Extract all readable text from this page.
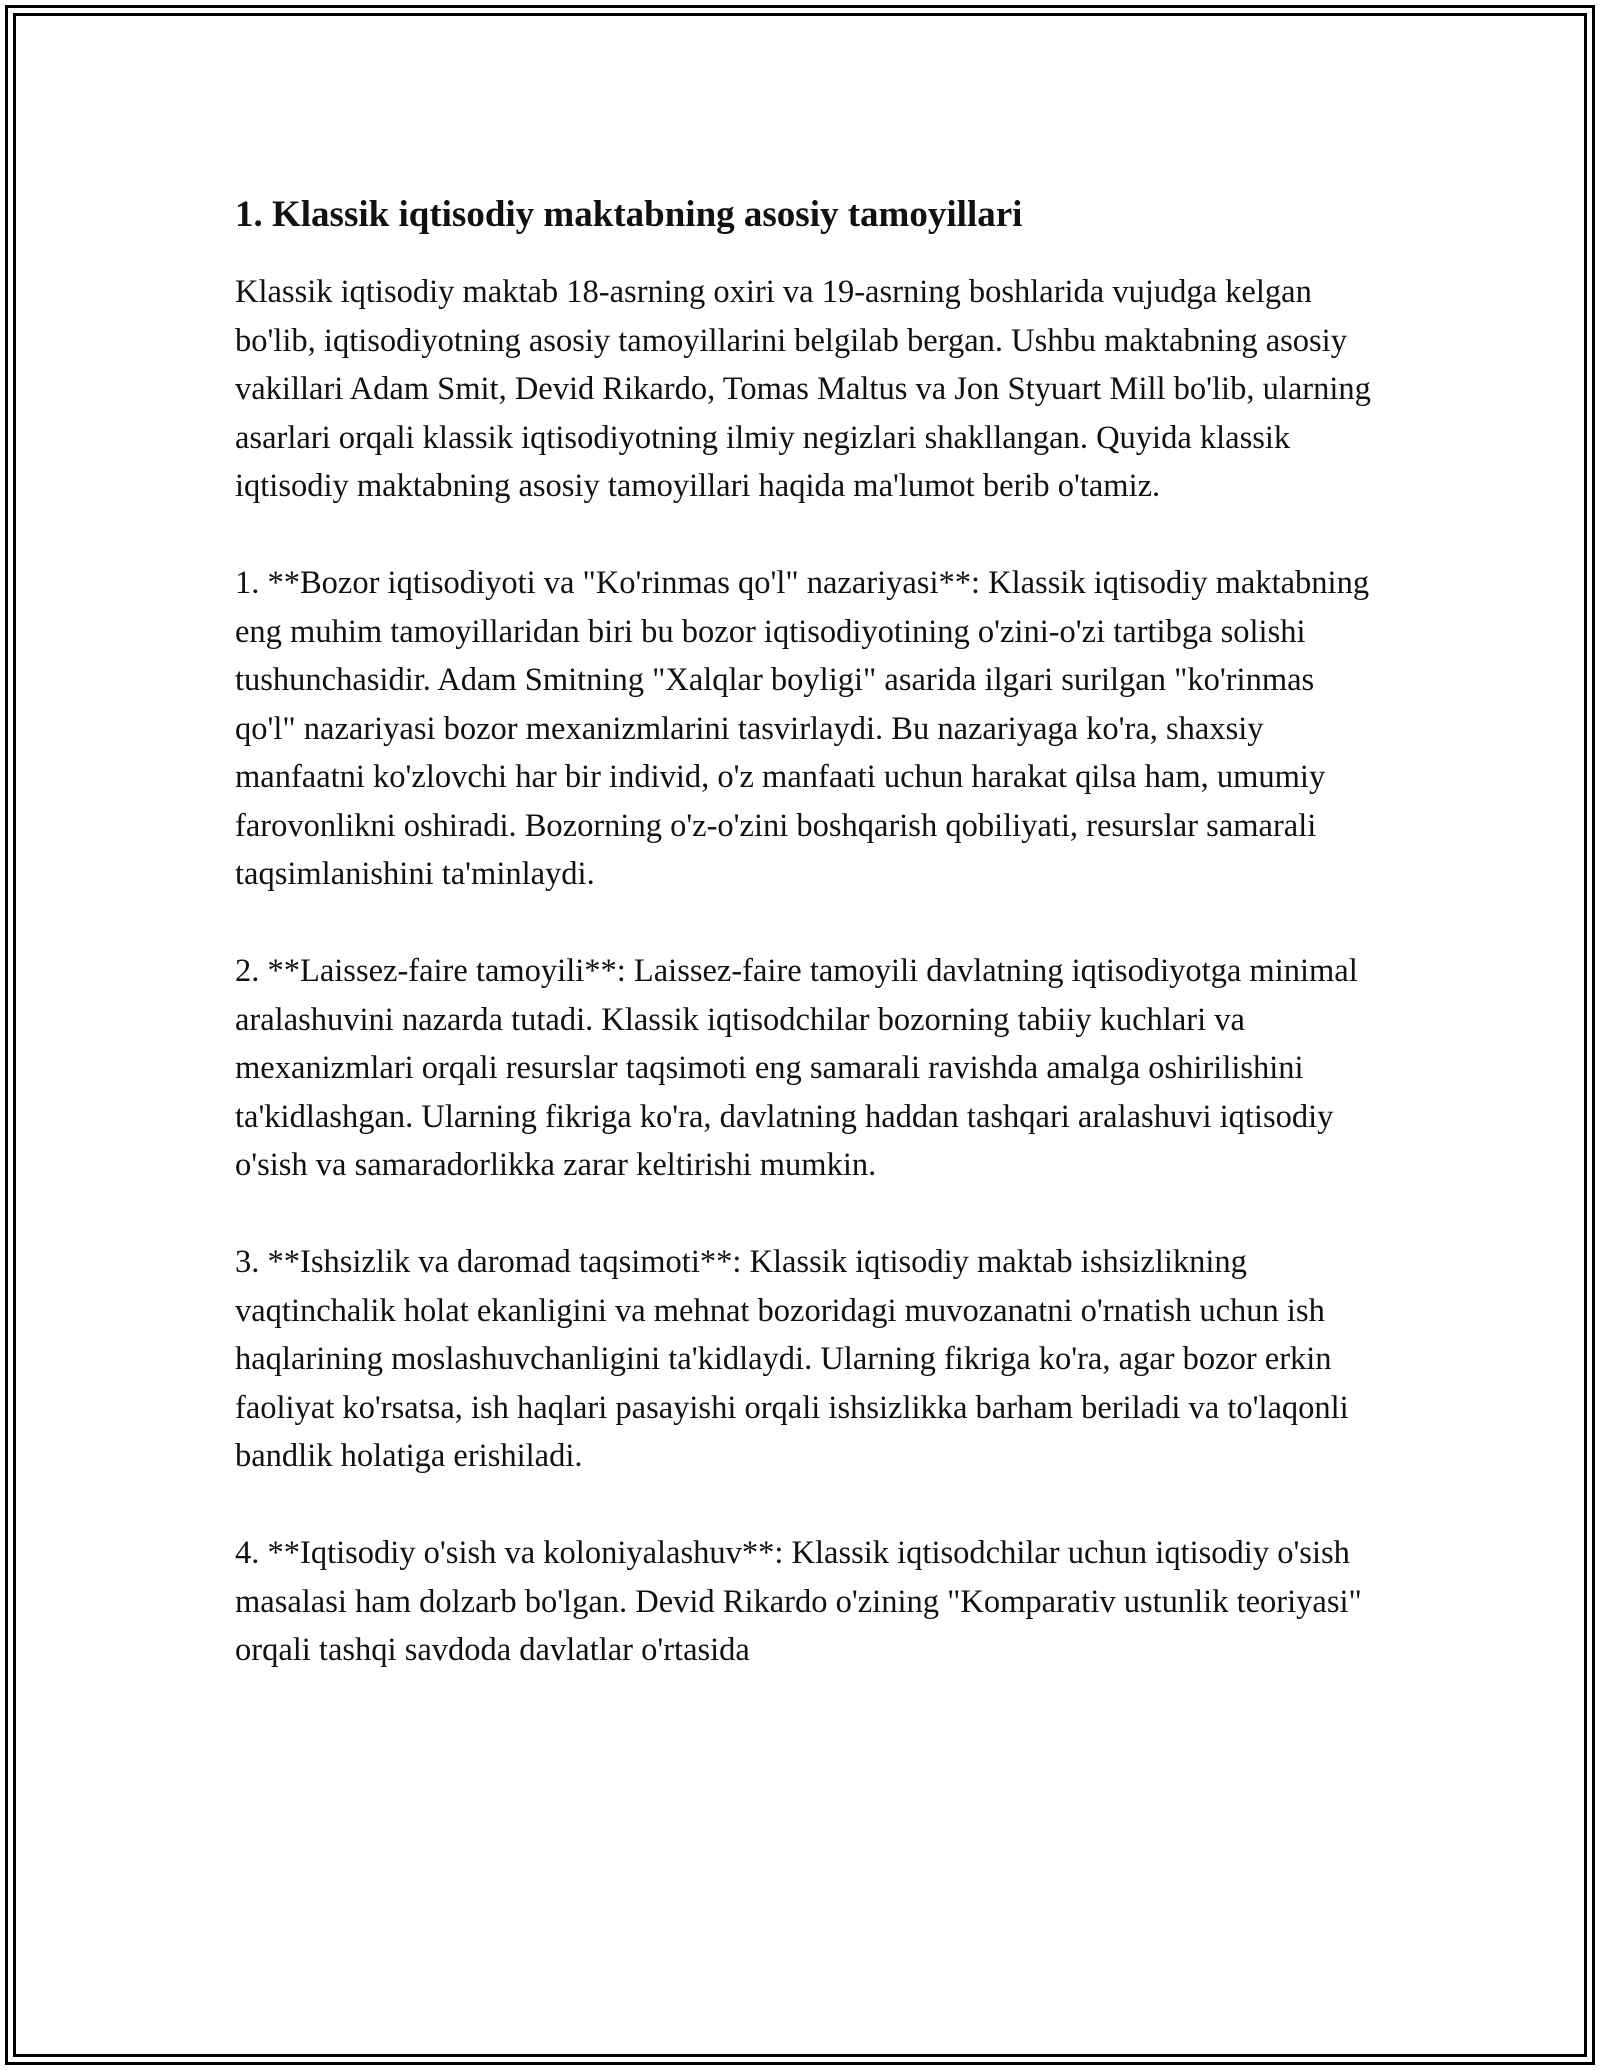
1. Klassik iqtisodiy maktabning asosiy tamoyillari

Klassik iqtisodiy maktab 18-asrning oxiri va 19-asrning boshlarida vujudga kelgan bo'lib, iqtisodiyotning asosiy tamoyillarini belgilab bergan. Ushbu maktabning asosiy vakillari Adam Smit, Devid Rikardo, Tomas Maltus va Jon Styuart Mill bo'lib, ularning asarlari orqali klassik iqtisodiyotning ilmiy negizlari shakllangan. Quyida klassik iqtisodiy maktabning asosiy tamoyillari haqida ma'lumot berib o'tamiz.

1. **Bozor iqtisodiyoti va "Ko'rinmas qo'l" nazariyasi**: Klassik iqtisodiy maktabning eng muhim tamoyillaridan biri bu bozor iqtisodiyotining o'zini-o'zi tartibga solishi tushunchasidir. Adam Smitning "Xalqlar boyligi" asarida ilgari surilgan "ko'rinmas qo'l" nazariyasi bozor mexanizmlarini tasvirlaydi. Bu nazariyaga ko'ra, shaxsiy manfaatni ko'zlovchi har bir individ, o'z manfaati uchun harakat qilsa ham, umumiy farovonlikni oshiradi. Bozorning o'z-o'zini boshqarish qobiliyati, resurslar samarali taqsimlanishini ta'minlaydi.

2. **Laissez-faire tamoyili**: Laissez-faire tamoyili davlatning iqtisodiyotga minimal aralashuvini nazarda tutadi. Klassik iqtisodchilar bozorning tabiiy kuchlari va mexanizmlari orqali resurslar taqsimoti eng samarali ravishda amalga oshirilishini ta'kidlashgan. Ularning fikriga ko'ra, davlatning haddan tashqari aralashuvi iqtisodiy o'sish va samaradorlikka zarar keltirishi mumkin.

3. **Ishsizlik va daromad taqsimoti**: Klassik iqtisodiy maktab ishsizlikning vaqtinchalik holat ekanligini va mehnat bozoridagi muvozanatni o'rnatish uchun ish haqlarining moslashuvchanligini ta'kidlaydi. Ularning fikriga ko'ra, agar bozor erkin faoliyat ko'rsatsa, ish haqlari pasayishi orqali ishsizlikka barham beriladi va to'laqonli bandlik holatiga erishiladi.

4. **Iqtisodiy o'sish va koloniyalashuv**: Klassik iqtisodchilar uchun iqtisodiy o'sish masalasi ham dolzarb bo'lgan. Devid Rikardo o'zining "Komparativ ustunlik teoriyasi" orqali tashqi savdoda davlatlar o'rtasida
